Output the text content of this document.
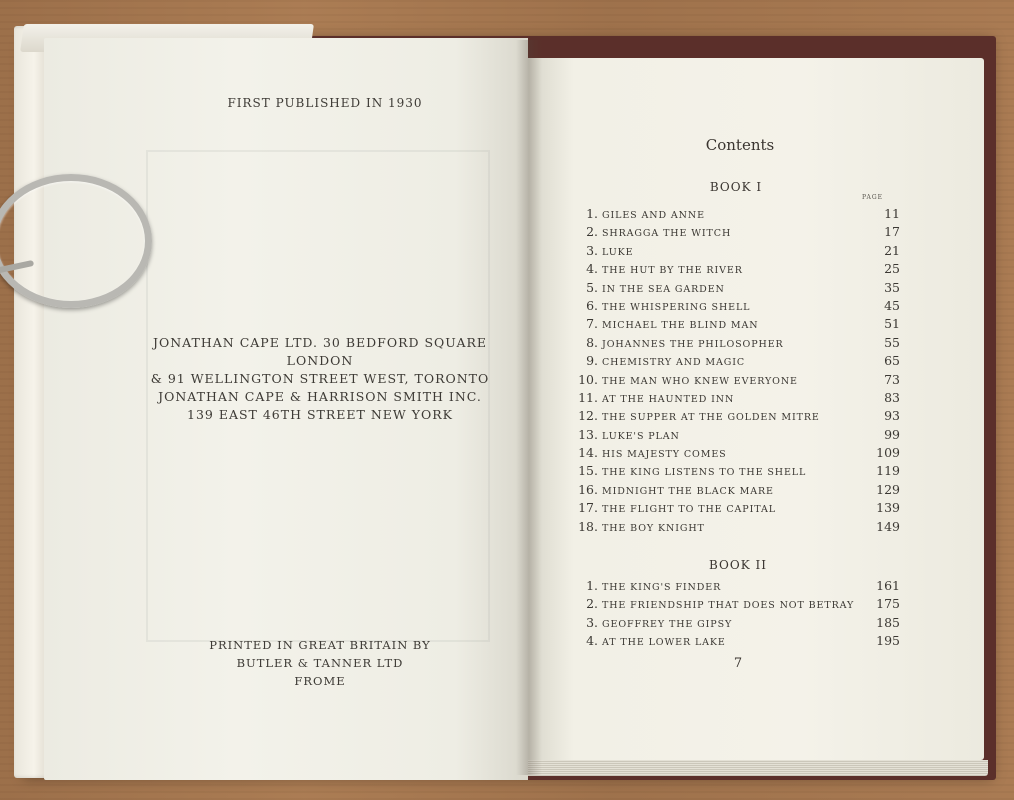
FIRST PUBLISHED IN 1930
JONATHAN CAPE LTD. 30 BEDFORD SQUARE LONDON
& 91 WELLINGTON STREET WEST, TORONTO
JONATHAN CAPE & HARRISON SMITH INC.
139 EAST 46TH STREET NEW YORK
PRINTED IN GREAT BRITAIN BY
BUTLER & TANNER LTD
FROME
Contents
BOOK I
PAGE
1. GILES AND ANNE	11
2. SHRAGGA THE WITCH	17
3. LUKE	21
4. THE HUT BY THE RIVER	25
5. IN THE SEA GARDEN	35
6. THE WHISPERING SHELL	45
7. MICHAEL THE BLIND MAN	51
8. JOHANNES THE PHILOSOPHER	55
9. CHEMISTRY AND MAGIC	65
10. THE MAN WHO KNEW EVERYONE	73
11. AT THE HAUNTED INN	83
12. THE SUPPER AT THE GOLDEN MITRE	93
13. LUKE'S PLAN	99
14. HIS MAJESTY COMES	109
15. THE KING LISTENS TO THE SHELL	119
16. MIDNIGHT THE BLACK MARE	129
17. THE FLIGHT TO THE CAPITAL	139
18. THE BOY KNIGHT	149
BOOK II
1. THE KING'S FINDER	161
2. THE FRIENDSHIP THAT DOES NOT BETRAY	175
3. GEOFFREY THE GIPSY	185
4. AT THE LOWER LAKE	195
7
